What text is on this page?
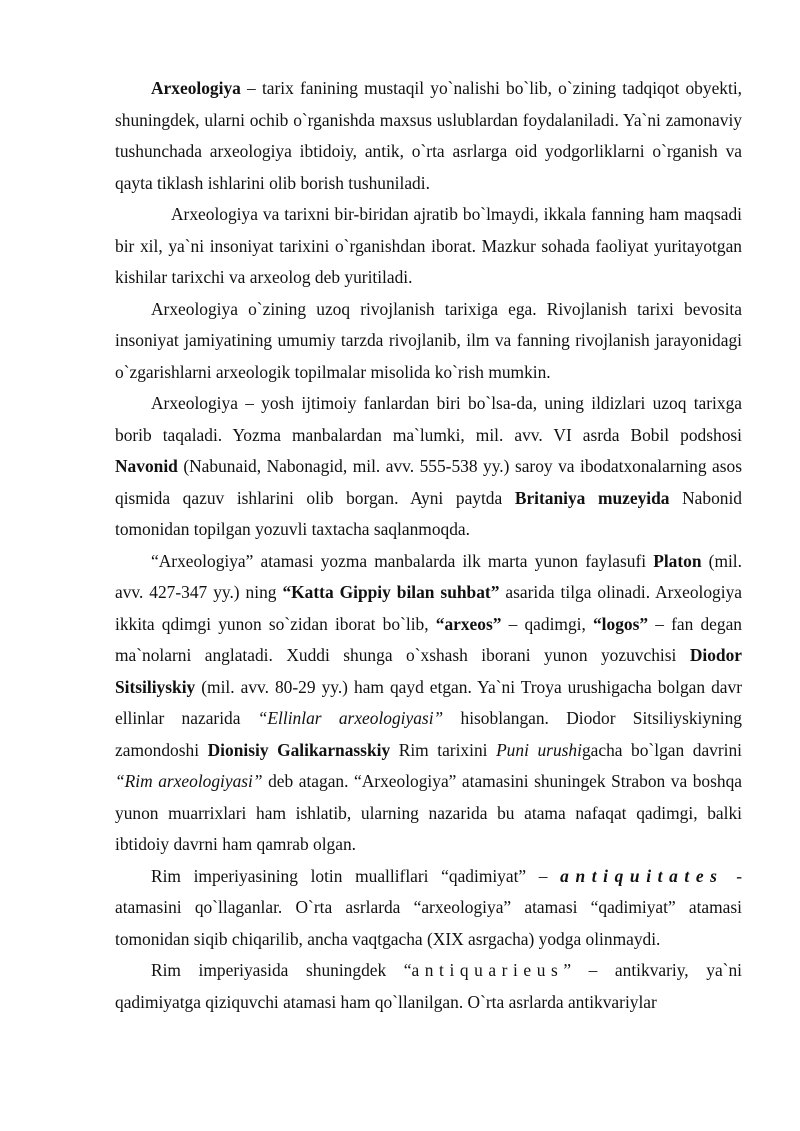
Arxeologiya – tarix fanining mustaqil yo`nalishi bo`lib, o`zining tadqiqot obyekti, shuningdek, ularni ochib o`rganishda maxsus uslublardan foydalaniladi. Ya`ni zamonaviy tushunchada arxeologiya ibtidoiy, antik, o`rta asrlarga oid yodgorliklarni o`rganish va qayta tiklash ishlarini olib borish tushuniladi.

Arxeologiya va tarixni bir-biridan ajratib bo`lmaydi, ikkala fanning ham maqsadi bir xil, ya`ni insoniyat tarixini o`rganishdan iborat. Mazkur sohada faoliyat yuritayotgan kishilar tarixchi va arxeolog deb yuritiladi.

Arxeologiya o`zining uzoq rivojlanish tarixiga ega. Rivojlanish tarixi bevosita insoniyat jamiyatining umumiy tarzda rivojlanib, ilm va fanning rivojlanish jarayonidagi o`zgarishlarni arxeologik topilmalar misolida ko`rish mumkin.

Arxeologiya – yosh ijtimoiy fanlardan biri bo`lsa-da, uning ildizlari uzoq tarixga borib taqaladi. Yozma manbalardan ma`lumki, mil. avv. VI asrda Bobil podshosi Navonid (Nabunaid, Nabonagid, mil. avv. 555-538 yy.) saroy va ibodatxonalarning asos qismida qazuv ishlarini olib borgan. Ayni paytda Britaniya muzeyida Nabonid tomonidan topilgan yozuvli taxtacha saqlanmoqda.

“Arxeologiya” atamasi yozma manbalarda ilk marta yunon faylasufi Platon (mil. avv. 427-347 yy.) ning “Katta Gippiy bilan suhbat” asarida tilga olinadi. Arxeologiya ikkita qdimgi yunon so`zidan iborat bo`lib, “arxeos” – qadimgi, “logos” – fan degan ma`nolarni anglatadi. Xuddi shunga o`xshash iborani yunon yozuvchisi Diodor Sitsiliyskiy (mil. avv. 80-29 yy.) ham qayd etgan. Ya`ni Troya urushigacha bolgan davr ellinlar nazarida “Ellinlar arxeologiyasi” hisoblangan. Diodor Sitsiliyskiyning zamondoshi Dionisiy Galikarnasskiy Rim tarixini Puni urushigacha bo`lgan davrini “Rim arxeologiyasi” deb atagan. “Arxeologiya” atamasini shuningek Strabon va boshqa yunon muarrixlari ham ishlatib, ularning nazarida bu atama nafaqat qadimgi, balki ibtidoiy davrni ham qamrab olgan.

Rim imperiyasining lotin mualliflari “qadimiyat” – antiquitates - atamasini qo`llaganlar. O`rta asrlarda “arxeologiya” atamasi “qadimiyat” atamasi tomonidan siqib chiqarilib, ancha vaqtgacha (XIX asrgacha) yodga olinmaydi.

Rim imperiyasida shuningdek “antiquarieus” – antikvariy, ya`ni qadimiyatga qiziquvchi atamasi ham qo`llanilgan. O`rta asrlarda antikvariylar
